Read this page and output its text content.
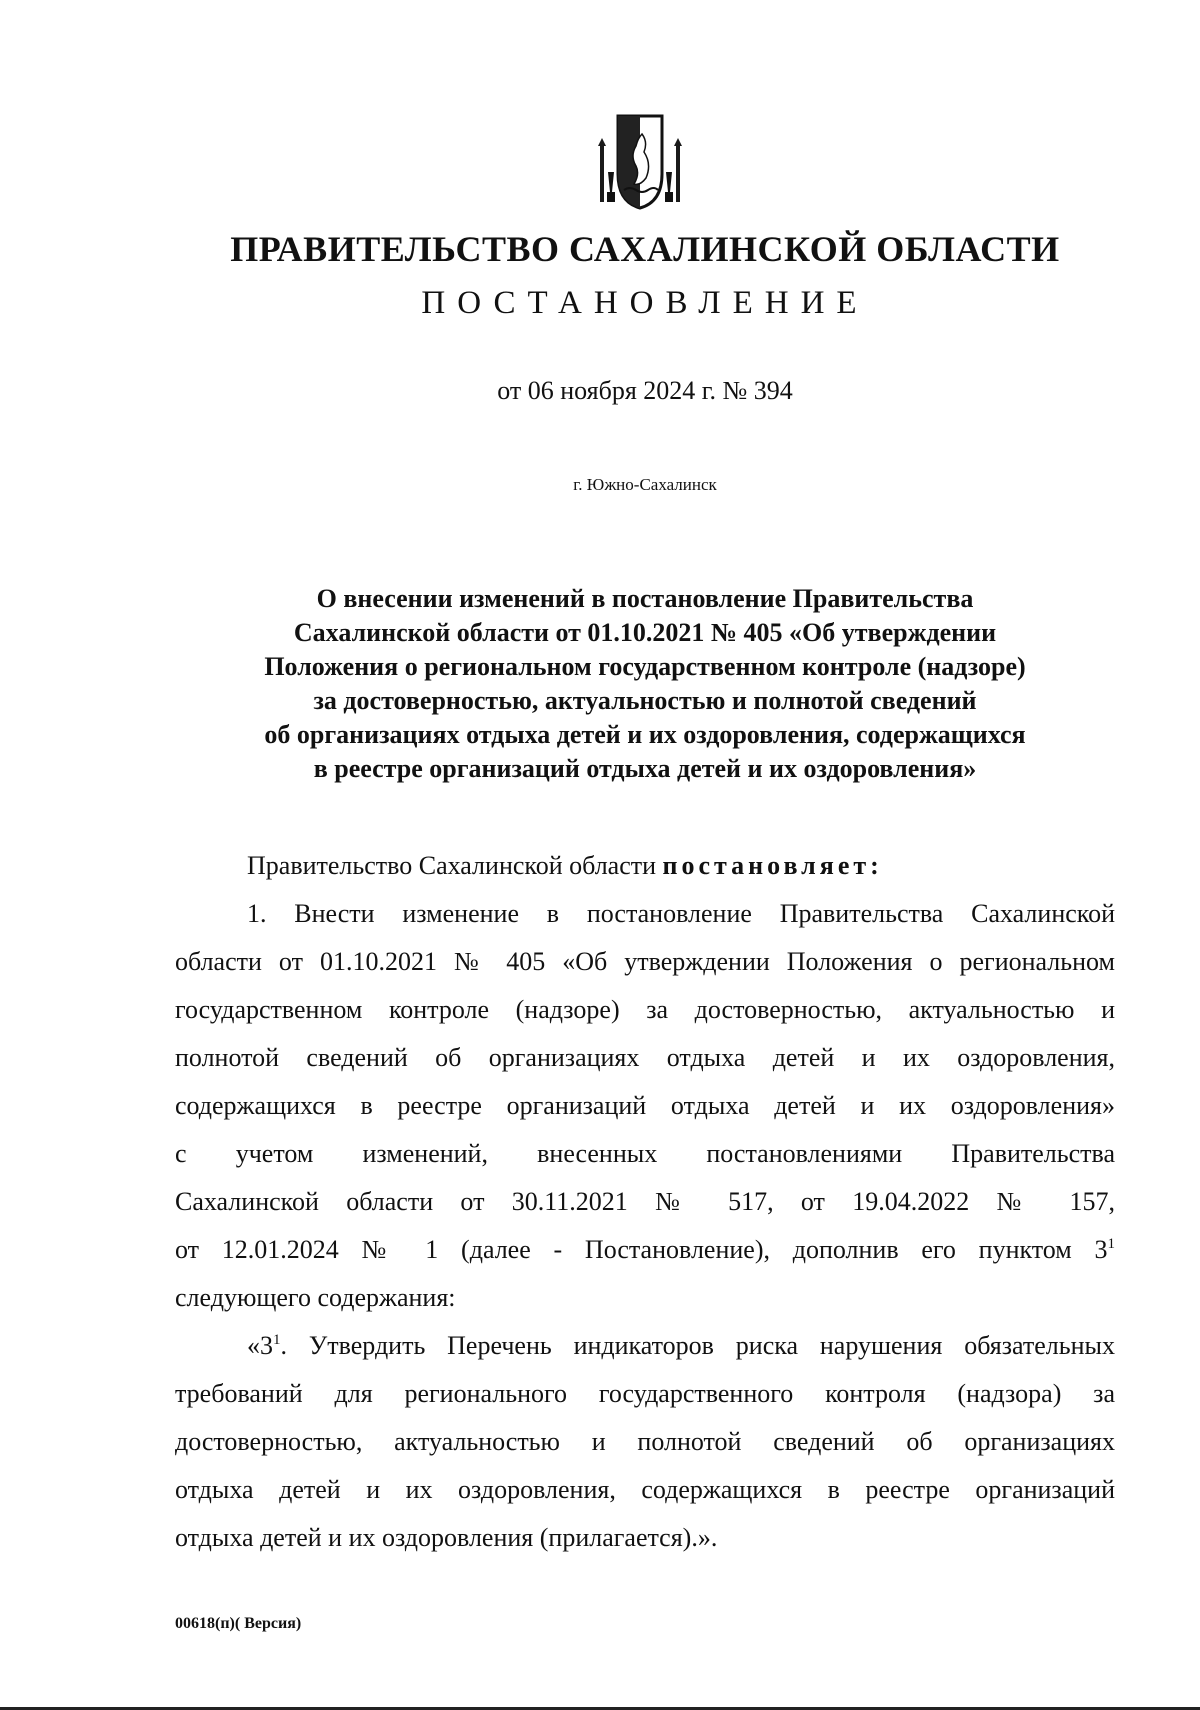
ПРАВИТЕЛЬСТВО САХАЛИНСКОЙ ОБЛАСТИ
ПОСТАНОВЛЕНИЕ
от 06 ноября 2024 г. № 394
г. Южно-Сахалинск
О внесении изменений в постановление Правительства
Сахалинской области от 01.10.2021 № 405 «Об утверждении
Положения о региональном государственном контроле (надзоре)
за достоверностью, актуальностью и полнотой сведений
об организациях отдыха детей и их оздоровления, содержащихся
в реестре организаций отдыха детей и их оздоровления»
Правительство Сахалинской области постановляет:
1. Внести изменение в постановление Правительства Сахалинской
области от 01.10.2021 № 405 «Об утверждении Положения о региональном
государственном контроле (надзоре) за достоверностью, актуальностью и
полнотой сведений об организациях отдыха детей и их оздоровления,
содержащихся в реестре организаций отдыха детей и их оздоровления»
с учетом изменений, внесенных постановлениями Правительства
Сахалинской области от 30.11.2021 № 517, от 19.04.2022 № 157,
от 12.01.2024 № 1 (далее - Постановление), дополнив его пунктом $3^1$
следующего содержания:
«$3^1$. Утвердить Перечень индикаторов риска нарушения обязательных
требований для регионального государственного контроля (надзора) за
достоверностью, актуальностью и полнотой сведений об организациях
отдыха детей и их оздоровления, содержащихся в реестре организаций
отдыха детей и их оздоровления (прилагается).».
00618(п)( Версия)
